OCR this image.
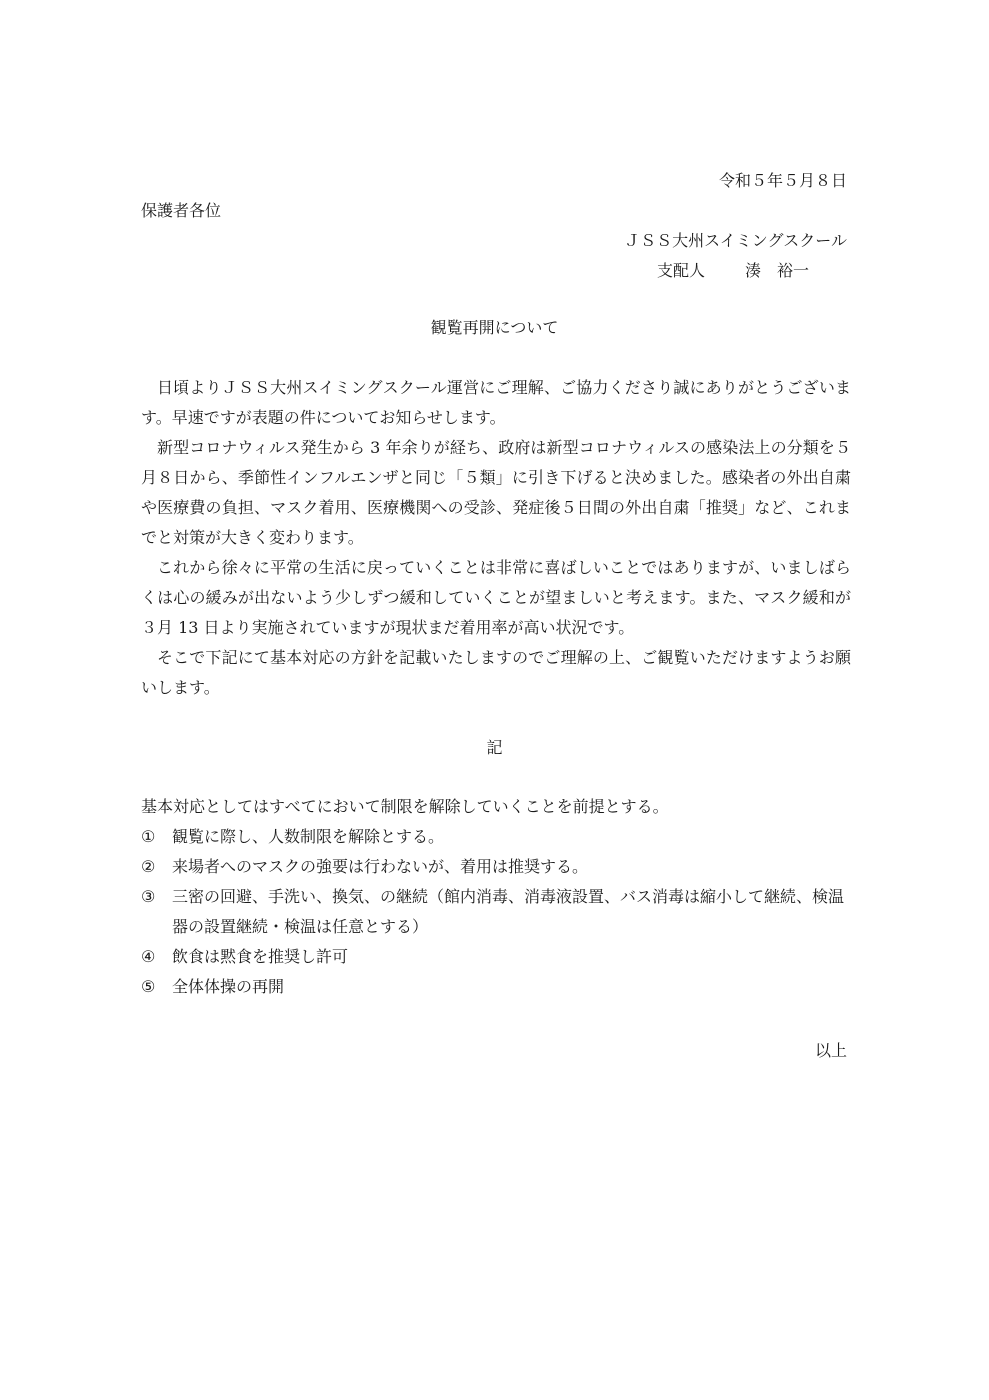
令和５年５月８日
保護者各位
ＪＳＳ大州スイミングスクール
支配人	湊　裕一
観覧再開について

日頃よりＪＳＳ大州スイミングスクール運営にご理解、ご協力くださり誠にありがとうございます。早速ですが表題の件についてお知らせします。

新型コロナウィルス発生から 3 年余りが経ち、政府は新型コロナウィルスの感染法上の分類を５月８日から、季節性インフルエンザと同じ「５類」に引き下げると決めました。感染者の外出自粛や医療費の負担、マスク着用、医療機関への受診、発症後５日間の外出自粛「推奨」など、これまでと対策が大きく変わります。

これから徐々に平常の生活に戻っていくことは非常に喜ばしいことではありますが、いましばらくは心の緩みが出ないよう少しずつ緩和していくことが望ましいと考えます。また、マスク緩和が３月 13 日より実施されていますが現状まだ着用率が高い状況です。

そこで下記にて基本対応の方針を記載いたしますのでご理解の上、ご観覧いただけますようお願いします。

記

基本対応としてはすべてにおいて制限を解除していくことを前提とする。

①	観覧に際し、人数制限を解除とする。
②	来場者へのマスクの強要は行わないが、着用は推奨する。
③	三密の回避、手洗い、換気、の継続（館内消毒、消毒液設置、バス消毒は縮小して継続、検温器の設置継続・検温は任意とする）
④	飲食は黙食を推奨し許可
⑤	全体体操の再開
以上
